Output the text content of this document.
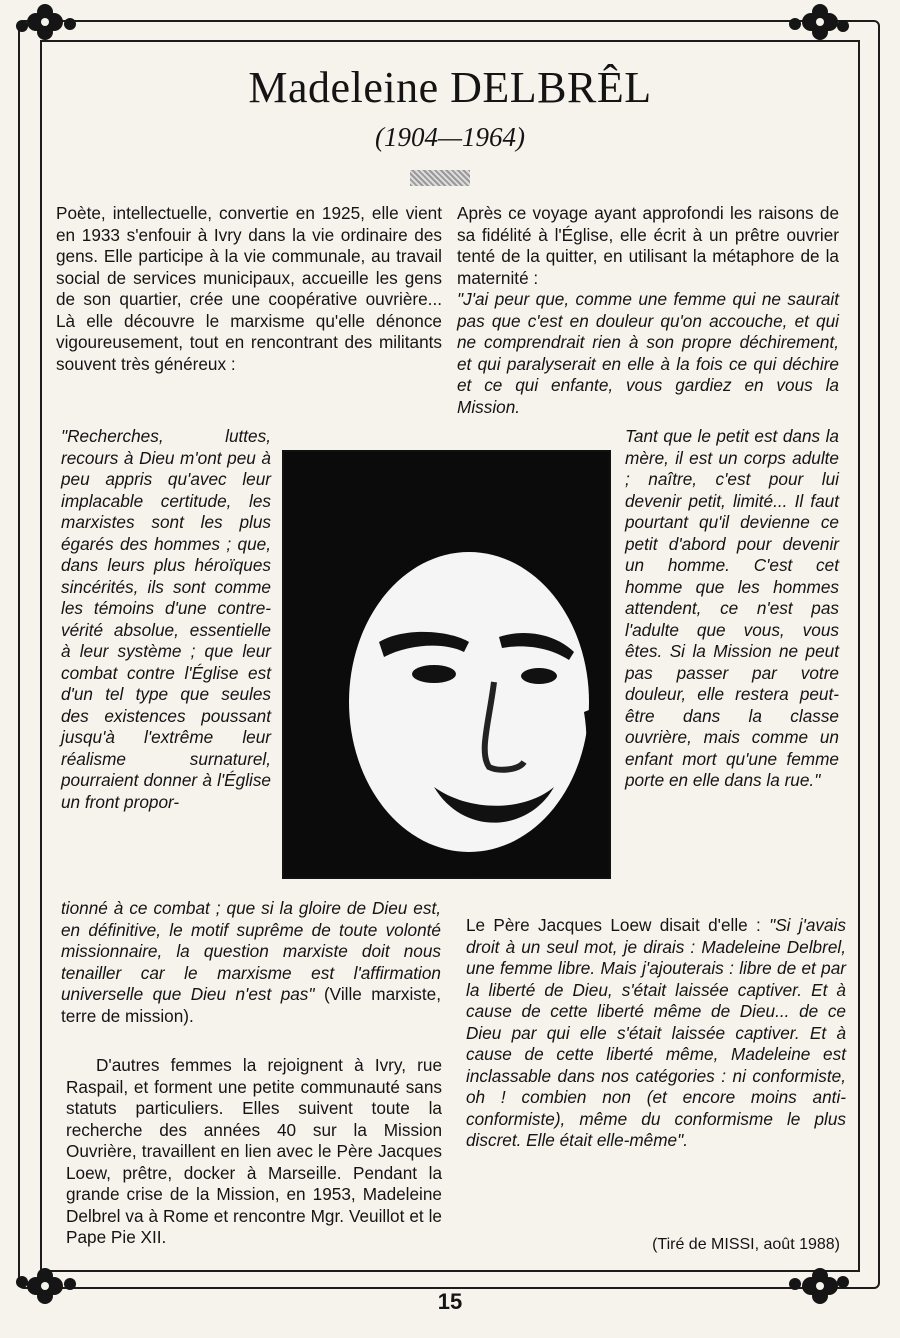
Madeleine DELBRÊL
(1904—1964)
Poète, intellectuelle, convertie en 1925, elle vient en 1933 s'enfouir à Ivry dans la vie ordinaire des gens. Elle participe à la vie communale, au travail social de services municipaux, accueille les gens de son quartier, crée une coopérative ouvrière... Là elle découvre le marxisme qu'elle dénonce vigoureusement, tout en rencontrant des militants souvent très généreux :
"Recherches, luttes, recours à Dieu m'ont peu à peu appris qu'avec leur implacable certitude, les marxistes sont les plus égarés des hommes ; que, dans leurs plus héroïques sincérités, ils sont comme les témoins d'une contre-vérité absolue, essentielle à leur système ; que leur combat contre l'Église est d'un tel type que seules des existences poussant jusqu'à l'extrême leur réalisme surnaturel, pourraient donner à l'Église un front propor-
tionné à ce combat ; que si la gloire de Dieu est, en définitive, le motif suprême de toute volonté missionnaire, la question marxiste doit nous tenailler car le marxisme est l'affirmation universelle que Dieu n'est pas" (Ville marxiste, terre de mission).
D'autres femmes la rejoignent à Ivry, rue Raspail, et forment une petite communauté sans statuts particuliers. Elles suivent toute la recherche des années 40 sur la Mission Ouvrière, travaillent en lien avec le Père Jacques Loew, prêtre, docker à Marseille. Pendant la grande crise de la Mission, en 1953, Madeleine Delbrel va à Rome et rencontre Mgr. Veuillot et le Pape Pie XII.

Après ce voyage ayant approfondi les raisons de sa fidélité à l'Église, elle écrit à un prêtre ouvrier tenté de la quitter, en utilisant la métaphore de la maternité :

"J'ai peur que, comme une femme qui ne saurait pas que c'est en douleur qu'on accouche, et qui ne comprendrait rien à son propre déchirement, et qui paralyserait en elle à la fois ce qui déchire et ce qui enfante, vous gardiez en vous la Mission.

Tant que le petit est dans la mère, il est un corps adulte ; naître, c'est pour lui devenir petit, limité... Il faut pourtant qu'il devienne ce petit d'abord pour devenir un homme. C'est cet homme que les hommes attendent, ce n'est pas l'adulte que vous, vous êtes. Si la Mission ne peut pas passer par votre douleur, elle restera peut-être dans la classe ouvrière, mais comme un enfant mort qu'une femme porte en elle dans la rue."
Le Père Jacques Loew disait d'elle : "Si j'avais droit à un seul mot, je dirais : Madeleine Delbrel, une femme libre. Mais j'ajouterais : libre de et par la liberté de Dieu, s'était laissée captiver. Et à cause de cette liberté même de Dieu... de ce Dieu par qui elle s'était laissée captiver. Et à cause de cette liberté même, Madeleine est inclassable dans nos catégories : ni conformiste, oh ! combien non (et encore moins anti-conformiste), même du conformisme le plus discret. Elle était elle-même".
(Tiré de MISSI, août 1988)
15
